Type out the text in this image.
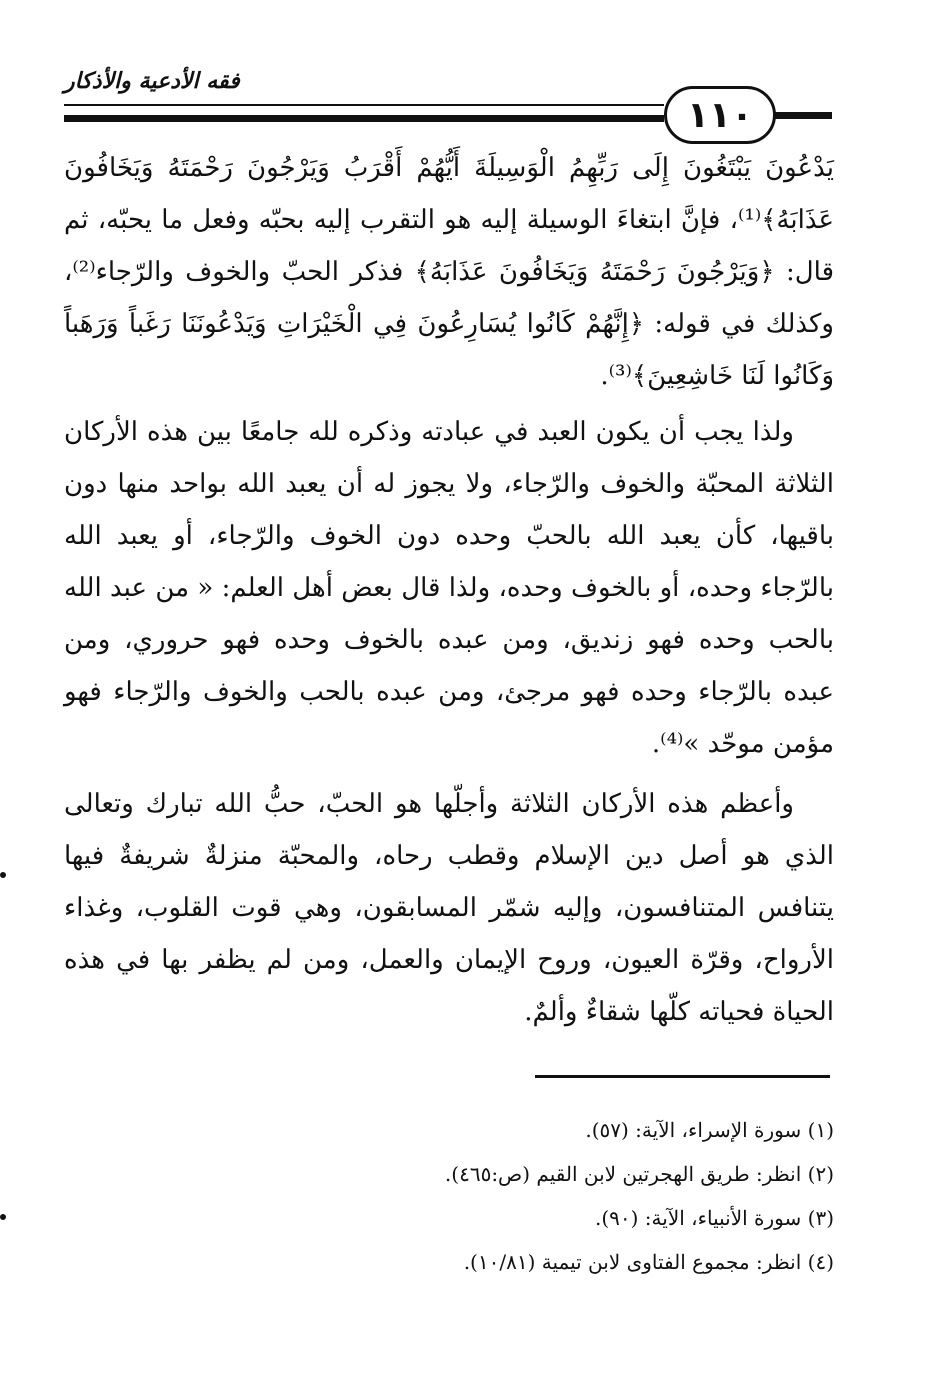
فقه الأدعية والأذكار
١١٠

يَدْعُونَ يَبْتَغُونَ إِلَى رَبِّهِمُ الْوَسِيلَةَ أَيُّهُمْ أَقْرَبُ وَيَرْجُونَ رَحْمَتَهُ وَيَخَافُونَ عَذَابَهُ﴾⁽¹⁾، فإنَّ ابتغاءَ الوسيلة إليه هو التقرب إليه بحبّه وفعل ما يحبّه، ثم قال: ﴿وَيَرْجُونَ رَحْمَتَهُ وَيَخَافُونَ عَذَابَهُ﴾ فذكر الحبّ والخوف والرّجاء⁽²⁾، وكذلك في قوله: ﴿إِنَّهُمْ كَانُوا يُسَارِعُونَ فِي الْخَيْرَاتِ وَيَدْعُونَنَا رَغَباً وَرَهَباً وَكَانُوا لَنَا خَاشِعِينَ﴾⁽³⁾.

ولذا يجب أن يكون العبد في عبادته وذكره لله جامعًا بين هذه الأركان الثلاثة المحبّة والخوف والرّجاء، ولا يجوز له أن يعبد الله بواحد منها دون باقيها، كأن يعبد الله بالحبّ وحده دون الخوف والرّجاء، أو يعبد الله بالرّجاء وحده، أو بالخوف وحده، ولذا قال بعض أهل العلم: « من عبد الله بالحب وحده فهو زنديق، ومن عبده بالخوف وحده فهو حروري، ومن عبده بالرّجاء وحده فهو مرجئ، ومن عبده بالحب والخوف والرّجاء فهو مؤمن موحّد »⁽⁴⁾.

وأعظم هذه الأركان الثلاثة وأجلّها هو الحبّ، حبُّ الله تبارك وتعالى الذي هو أصل دين الإسلام وقطب رحاه، والمحبّة منزلةٌ شريفةٌ فيها يتنافس المتنافسون، وإليه شمّر المسابقون، وهي قوت القلوب، وغذاء الأرواح، وقرّة العيون، وروح الإيمان والعمل، ومن لم يظفر بها في هذه الحياة فحياته كلّها شقاءٌ وألمٌ.

(١) سورة الإسراء، الآية: (٥٧).
(٢) انظر: طريق الهجرتين لابن القيم (ص:٤٦٥).
(٣) سورة الأنبياء، الآية: (٩٠).
(٤) انظر: مجموع الفتاوى لابن تيمية (١٠/٨١).
